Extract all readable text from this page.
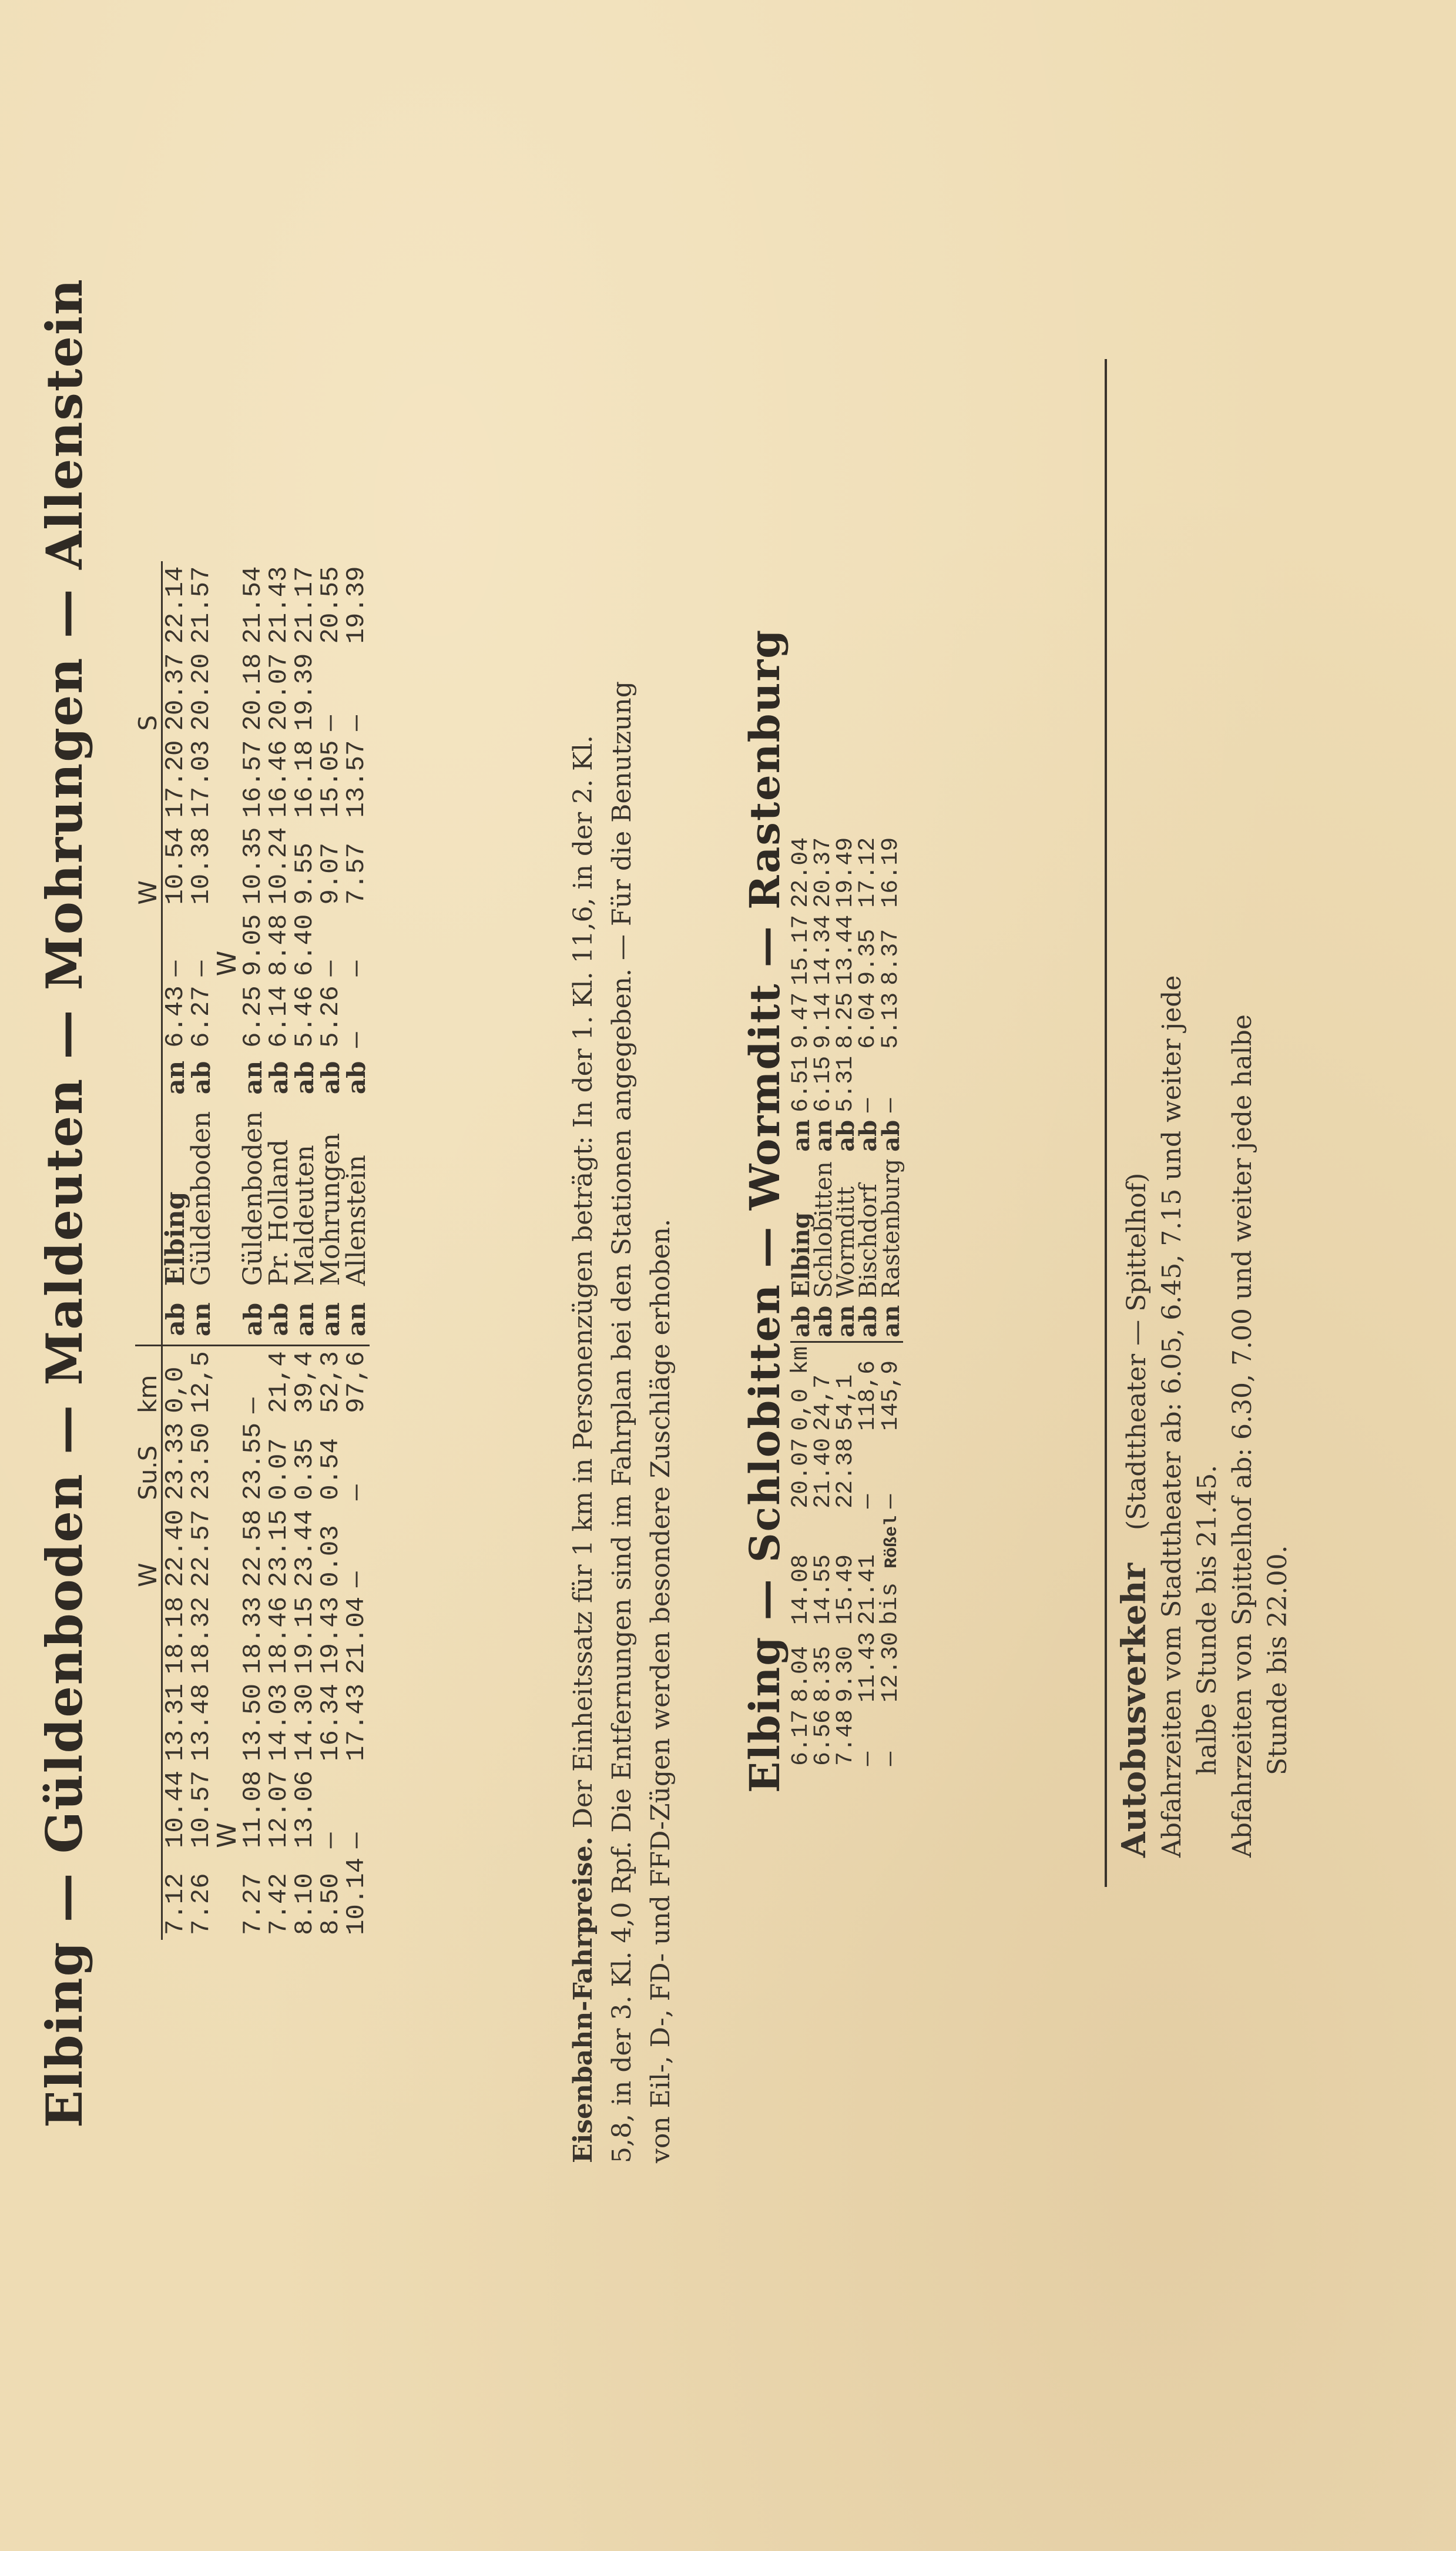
Elbing — Güldenboden — Maldeuten — Mohrungen — Allenstein
				W	Su.S	km						W		S	
7.12	10.44	13.31	18.18	22.40	23.33	0,0	ab	Elbing	an	6.43	—	10.54	17.20	20.37	22.14
7.26	10.57	13.48	18.32	22.57	23.50	12,5	an	Güldenboden	ab	6.27	—	10.38	17.03	20.20	21.57
	W										W				
7.27	11.08	13.50	18.33	22.58	23.55	—	ab	Güldenboden	an	6.25	9.05	10.35	16.57	20.18	21.54
7.42	12.07	14.03	18.46	23.15	0.07	21,4	ab	Pr. Holland	ab	6.14	8.48	10.24	16.46	20.07	21.43
8.10	13.06	14.30	19.15	23.44	0.35	39,4	an	Maldeuten	ab	5.46	6.40	9.55	16.18	19.39	21.17
8.50	—	16.34	19.43	0.03	0.54	52,3	an	Mohrungen	ab	5.26	—	9.07	15.05	—	20.55
10.14	—	17.43	21.04	—	—	97,6	an	Allenstein	ab	—	—	7.57	13.57	—	19.39
Eisenbahn-Fahrpreise. Der Einheitssatz für 1 km in Personenzügen beträgt: In der 1. Kl. 11,6, in der 2. Kl. 5,8, in der 3. Kl. 4,0 Rpf. Die Entfernungen sind im Fahrplan bei den Stationen angegeben. — Für die Benutzung von Eil-, D-, FD- und FFD-Zügen werden besondere Zuschläge erhoben. Elbing — Schlobitten — Wormditt — Rastenburg
6.17	8.04	14.08	20.07	0,0 km	ab	Elbing	an	6.51	9.47	15.17	22.04
6.56	8.35	14.55	21.40	24,7	ab	Schlobitten	an	6.15	9.14	14.34	20.37
7.48	9.30	15.49	22.38	54,1	an	Wormditt	ab	5.31	8.25	13.44	19.49
—	11.43	21.41	—	118,6	ab	Bischdorf	ab	—	6.04	9.35	17.12
—	12.30	bis Rößel	—	145,9	an	Rastenburg	ab	—	5.13	8.37	16.19
Autobusverkehr    (Stadttheater — Spittelhof) Abfahrzeiten vom Stadttheater ab: 6.05, 6.45, 7.15 und weiter jede halbe Stunde bis 21.45. Abfahrzeiten von Spittelhof ab: 6.30, 7.00 und weiter jede halbe Stunde bis 22.00.
